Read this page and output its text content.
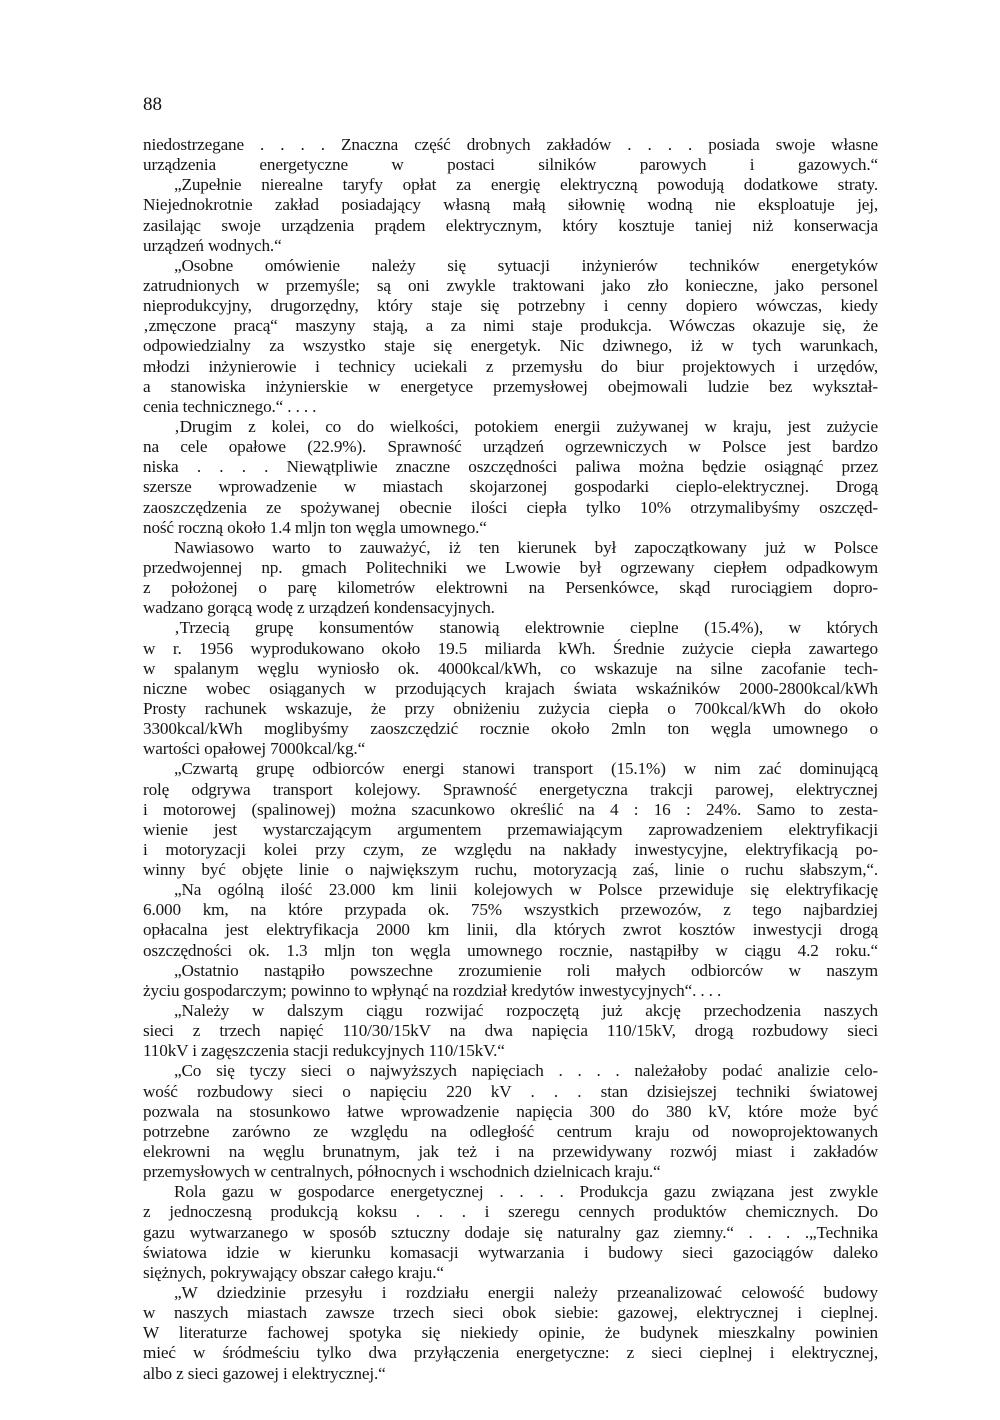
88
niedostrzegane . . . . Znaczna część drobnych zakładów . . . . posiada swoje własne
urządzenia energetyczne w postaci silników parowych i gazowych.“
„Zupełnie nierealne taryfy opłat za energię elektryczną powodują dodatkowe straty.
Niejednokrotnie zakład posiadający własną małą siłownię wodną nie eksploatuje jej,
zasilając swoje urządzenia prądem elektrycznym, który kosztuje taniej niż konserwacja
urządzeń wodnych.“
„Osobne omówienie należy się sytuacji inżynierów techników energetyków
zatrudnionych w przemyśle; są oni zwykle traktowani jako zło konieczne, jako personel
nieprodukcyjny, drugorzędny, który staje się potrzebny i cenny dopiero wówczas, kiedy
‚zmęczone pracą“ maszyny stają, a za nimi staje produkcja. Wówczas okazuje się, że
odpowiedzialny za wszystko staje się energetyk. Nic dziwnego, iż w tych warunkach,
młodzi inżynierowie i technicy uciekali z przemysłu do biur projektowych i urzędów,
a stanowiska inżynierskie w energetyce przemysłowej obejmowali ludzie bez wykształ-
cenia technicznego.“ . . . .
‚Drugim z kolei, co do wielkości, potokiem energii zużywanej w kraju, jest zużycie
na cele opałowe (22.9%). Sprawność urządzeń ogrzewniczych w Polsce jest bardzo
niska . . . . Niewątpliwie znaczne oszczędności paliwa można będzie osiągnąć przez
szersze wprowadzenie w miastach skojarzonej gospodarki cieplo-elektrycznej. Drogą
zaoszczędzenia ze spożywanej obecnie ilości ciepła tylko 10% otrzymalibyśmy oszczęd-
ność roczną około 1.4 mljn ton węgla umownego.“
Nawiasowo warto to zauważyć, iż ten kierunek był zapoczątkowany już w Polsce
przedwojennej np. gmach Politechniki we Lwowie był ogrzewany ciepłem odpadkowym
z położonej o parę kilometrów elektrowni na Persenkówce, skąd rurociągiem dopro-
wadzano gorącą wodę z urządzeń kondensacyjnych.
‚Trzecią grupę konsumentów stanowią elektrownie cieplne (15.4%), w których
w r. 1956 wyprodukowano około 19.5 miliarda kWh. Średnie zużycie ciepła zawartego
w spalanym węglu wyniosło ok. 4000kcal/kWh, co wskazuje na silne zacofanie tech-
niczne wobec osiąganych w przodujących krajach świata wskaźników 2000-2800kcal/kWh
Prosty rachunek wskazuje, że przy obniżeniu zużycia ciepła o 700kcal/kWh do około
3300kcal/kWh moglibyśmy zaoszczędzić rocznie około 2mln ton węgla umownego o
wartości opałowej 7000kcal/kg.“
„Czwartą grupę odbiorców energi stanowi transport (15.1%) w nim zać dominującą
rolę odgrywa transport kolejowy. Sprawność energetyczna trakcji parowej, elektrycznej
i motorowej (spalinowej) można szacunkowo określić na 4 : 16 : 24%. Samo to zesta-
wienie jest wystarczającym argumentem przemawiającym zaprowadzeniem elektryfikacji
i motoryzacji kolei przy czym, ze względu na nakłady inwestycyjne, elektryfikacją po-
winny być objęte linie o największym ruchu, motoryzacją zaś, linie o ruchu słabszym,“.
„Na ogólną ilość 23.000 km linii kolejowych w Polsce przewiduje się elektryfikację
6.000 km, na które przypada ok. 75% wszystkich przewozów, z tego najbardziej
opłacalna jest elektryfikacja 2000 km linii, dla których zwrot kosztów inwestycji drogą
oszczędności ok. 1.3 mljn ton węgla umownego rocznie, nastąpiłby w ciągu 4.2 roku.“
„Ostatnio nastąpiło powszechne zrozumienie roli małych odbiorców w naszym
życiu gospodarczym; powinno to wpłynąć na rozdział kredytów inwestycyjnych“. . . .
„Należy w dalszym ciągu rozwijać rozpoczętą już akcję przechodzenia naszych
sieci z trzech napięć 110/30/15kV na dwa napięcia 110/15kV, drogą rozbudowy sieci
110kV i zagęszczenia stacji redukcyjnych 110/15kV.“
„Co się tyczy sieci o najwyższych napięciach . . . . należałoby podać analizie celo-
wość rozbudowy sieci o napięciu 220 kV . . . stan dzisiejszej techniki światowej
pozwala na stosunkowo łatwe wprowadzenie napięcia 300 do 380 kV, które może być
potrzebne zarówno ze względu na odległość centrum kraju od nowoprojektowanych
elekrowni na węglu brunatnym, jak też i na przewidywany rozwój miast i zakładów
przemysłowych w centralnych, północnych i wschodnich dzielnicach kraju.“
Rola gazu w gospodarce energetycznej . . . . Produkcja gazu związana jest zwykle
z jednoczesną produkcją koksu . . . i szeregu cennych produktów chemicznych. Do
gazu wytwarzanego w sposób sztuczny dodaje się naturalny gaz ziemny.“ . . . .„Technika
światowa idzie w kierunku komasacji wytwarzania i budowy sieci gazociągów daleko
siężnych, pokrywający obszar całego kraju.“
„W dziedzinie przesyłu i rozdziału energii należy przeanalizować celowość budowy
w naszych miastach zawsze trzech sieci obok siebie: gazowej, elektrycznej i cieplnej.
W literaturze fachowej spotyka się niekiedy opinie, że budynek mieszkalny powinien
mieć w śródmeściu tylko dwa przyłączenia energetyczne: z sieci cieplnej i elektrycznej,
albo z sieci gazowej i elektrycznej.“
